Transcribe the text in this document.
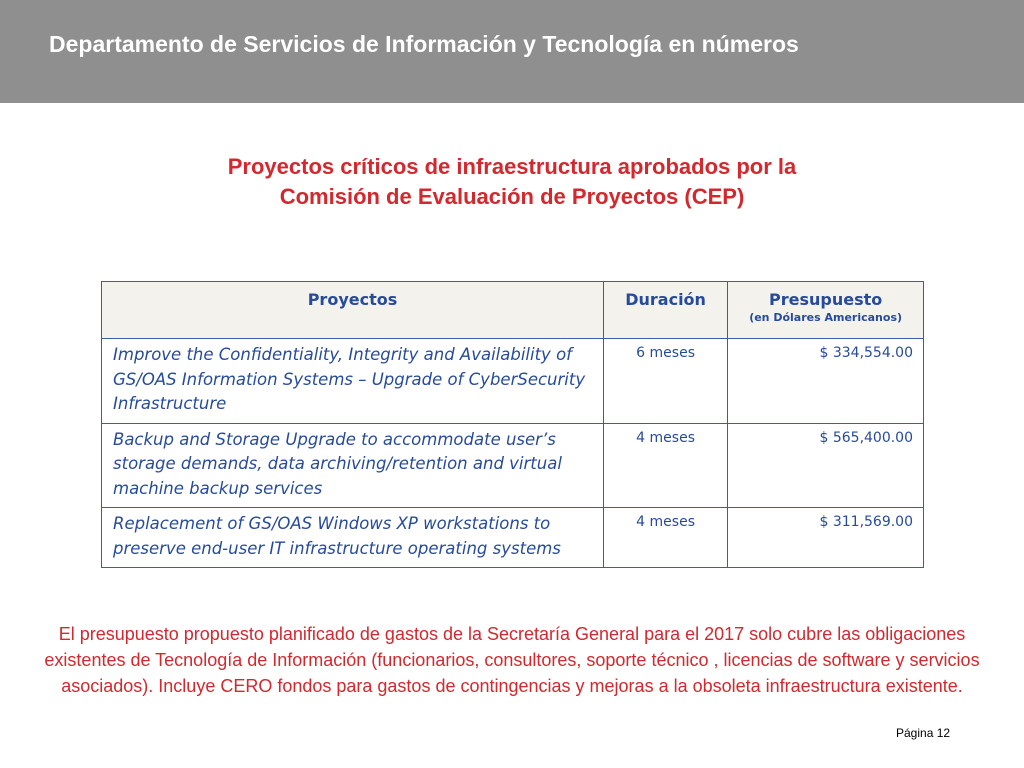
Departamento de Servicios de Información y Tecnología en números
Proyectos críticos de infraestructura aprobados por la
Comisión de Evaluación de Proyectos (CEP)
Proyectos	Duración	Presupuesto
(en Dólares Americanos)

Improve the Confidentiality, Integrity and Availability of GS/OAS Information Systems – Upgrade of CyberSecurity Infrastructure	6 meses	$ 334,554.00
Backup and Storage Upgrade to accommodate user’s storage demands, data archiving/retention and virtual machine backup services	4 meses	$ 565,400.00
Replacement of GS/OAS Windows XP workstations to preserve end-user IT infrastructure operating systems	4 meses	$ 311,569.00
El presupuesto propuesto planificado de gastos de la Secretaría General para el 2017 solo cubre las obligaciones existentes de Tecnología de Información (funcionarios, consultores, soporte técnico , licencias de software y servicios asociados). Incluye CERO fondos para gastos de contingencias y mejoras a la obsoleta infraestructura existente.
Página 12
